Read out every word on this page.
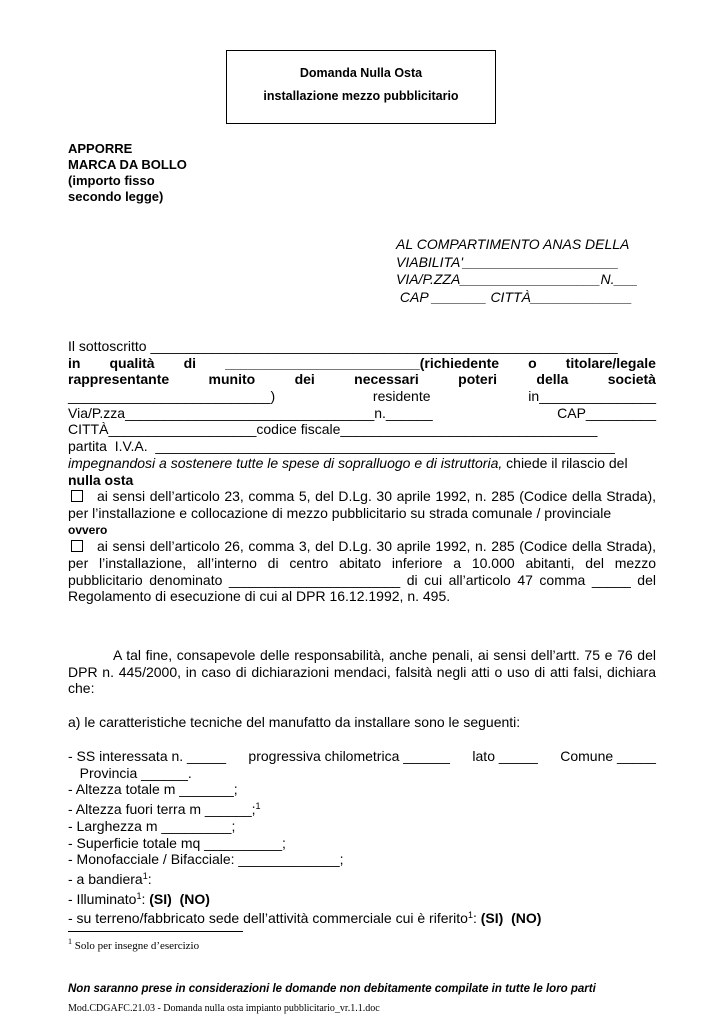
Domanda Nulla Osta
installazione mezzo pubblicitario
APPORRE
MARCA DA BOLLO
(importo fisso
secondo legge)
AL COMPARTIMENTO ANAS DELLA
VIABILITA'____________________
VIA/P.ZZA__________________N.___
CAP _______ CITTÀ_____________
Il sottoscritto ____________________________________________________________
in qualità di _________________________(richiedente o titolare/legale
rappresentante	munito	dei	necessari	poteri	della	società
__________________________)	residente	in_______________
Via/P.zza________________________________n.______	CAP_________
CITTÀ___________________codice fiscale_________________________________
partita  I.V.A.  ___________________________________________________________
impegnandosi a sostenere tutte le spese di sopralluogo e di istruttoria, chiede il rilascio del
nulla osta
ai sensi dell’articolo 23, comma 5, del D.Lg. 30 aprile 1992, n. 285 (Codice della Strada), per l’installazione e collocazione di mezzo pubblicitario su strada comunale / provinciale
ovvero
ai sensi dell’articolo 26, comma 3, del D.Lg. 30 aprile 1992, n. 285 (Codice della Strada), per l’installazione, all’interno di centro abitato inferiore a 10.000 abitanti, del mezzo pubblicitario denominato ______________________ di cui all’articolo 47 comma _____ del Regolamento di esecuzione di cui al DPR 16.12.1992, n. 495.
A tal fine, consapevole delle responsabilità, anche penali, ai sensi dell’artt. 75 e 76 del DPR n. 445/2000, in caso di dichiarazioni mendaci, falsità negli atti o uso di atti falsi, dichiara che:
a) le caratteristiche tecniche del manufatto da installare sono le seguenti:
- SS interessata n. _____ progressiva chilometrica ______ lato _____ Comune _____
Provincia ______.
- Altezza totale m _______;
- Altezza fuori terra m ______;$^1$
- Larghezza m _________;
- Superficie totale mq __________;
- Monofacciale / Bifacciale: _____________;
- a bandiera$^1$:
- Illuminato$^1$: (SI)  (NO)
- su terreno/fabbricato sede dell’attività commerciale cui è riferito$^1$: (SI)  (NO)
$^1$ Solo per insegne d’esercizio
Non saranno prese in considerazioni le domande non debitamente compilate in tutte le loro parti
Mod.CDGAFC.21.03 - Domanda nulla osta impianto pubblicitario_vr.1.1.doc
